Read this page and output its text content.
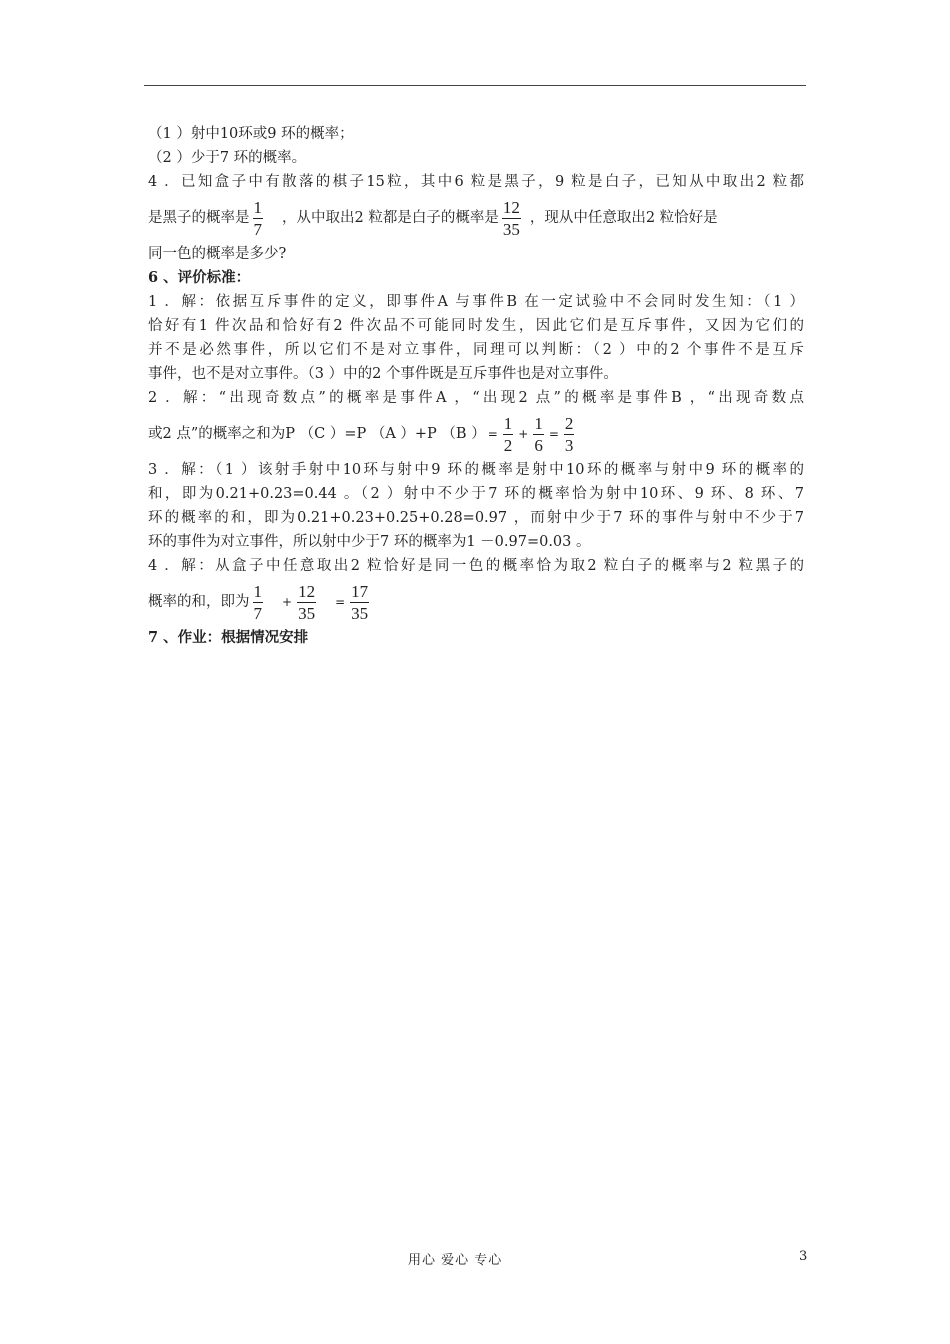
（1 ）射中10环或9 环的概率；
（2 ）少于7 环的概率。
4 ．已知盒子中有散落的棋子15粒，其中6 粒是黑子，9 粒是白子，已知从中取出2 粒都
是黑子的概率是 $\frac{1}{7}$ ，从中取出2 粒都是白子的概率是 $\frac{12}{35}$ ，现从中任意取出2 粒恰好是
同一色的概率是多少?
6 、评价标准：
1 ．解：依据互斥事件的定义，即事件A 与事件B 在一定试验中不会同时发生知：（1 ）
恰好有1 件次品和恰好有2 件次品不可能同时发生，因此它们是互斥事件，又因为它们的
并不是必然事件，所以它们不是对立事件，同理可以判断：（2 ）中的2 个事件不是互斥
事件，也不是对立事件。（3 ）中的2 个事件既是互斥事件也是对立事件。
2 ．解：“出现奇数点”的概率是事件A ，“出现2 点”的概率是事件B ，“出现奇数点
或2 点”的概率之和为P （C ）=P （A ）+P （B ） = $\frac{1}{2} + \frac{1}{6} = \frac{2}{3}$
3 ．解：（1 ）该射手射中10环与射中9 环的概率是射中10环的概率与射中9 环的概率的
和，即为0.21+0.23=0.44 。（2 ）射中不少于7 环的概率恰为射中10环、9 环、8 环、7
环的概率的和，即为0.21+0.23+0.25+0.28=0.97 ，而射中少于7 环的事件与射中不少于7
环的事件为对立事件，所以射中少于7 环的概率为1 －0.97=0.03 。
4 ．解：从盒子中任意取出2 粒恰好是同一色的概率恰为取2 粒白子的概率与2 粒黑子的
概率的和，即为 $\frac{1}{7} + \frac{12}{35} = \frac{17}{35}$
7 、作业：根据情况安排
用心 爱心 专心	3
